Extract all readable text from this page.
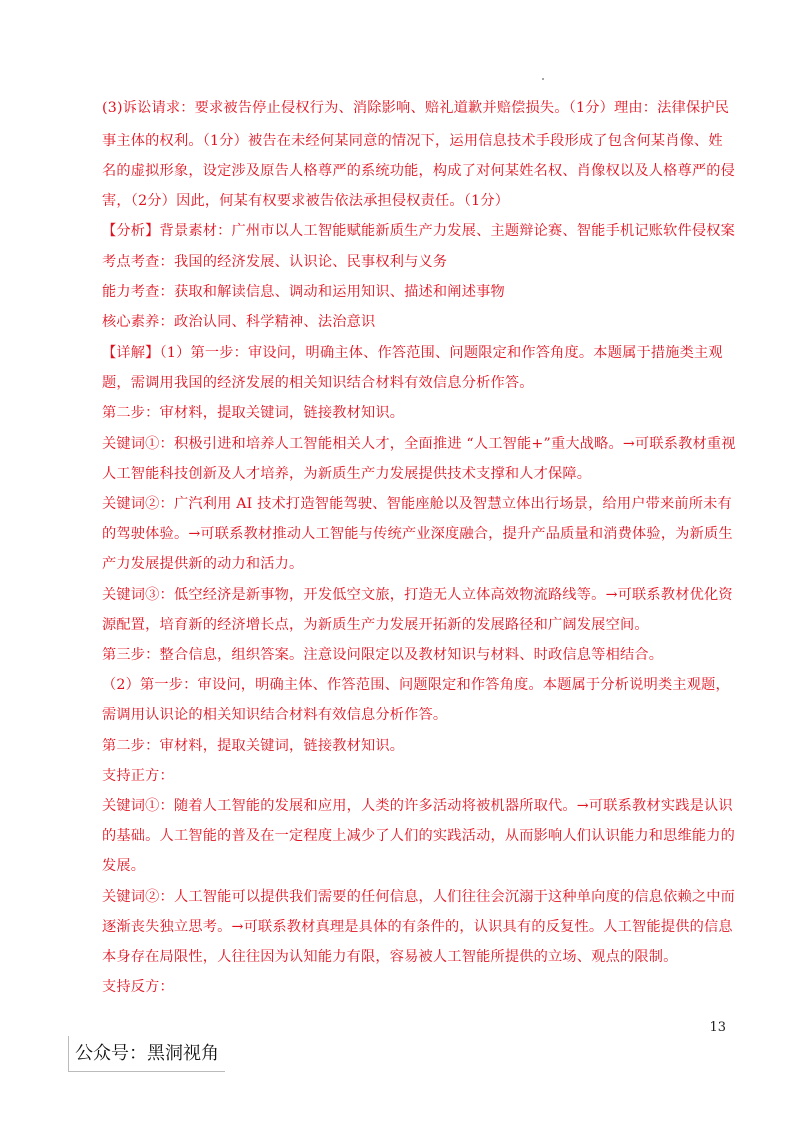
(3)诉讼请求：要求被告停止侵权行为、消除影响、赔礼道歉并赔偿损失。（1分）理由：法律保护民
事主体的权利。（1分）被告在未经何某同意的情况下，运用信息技术手段形成了包含何某肖像、姓
名的虚拟形象，设定涉及原告人格尊严的系统功能，构成了对何某姓名权、肖像权以及人格尊严的侵
害，（2分）因此，何某有权要求被告依法承担侵权责任。（1分）
【分析】背景素材：广州市以人工智能赋能新质生产力发展、主题辩论赛、智能手机记账软件侵权案
考点考查：我国的经济发展、认识论、民事权利与义务
能力考查：获取和解读信息、调动和运用知识、描述和阐述事物
核心素养：政治认同、科学精神、法治意识
【详解】（1）第一步：审设问，明确主体、作答范围、问题限定和作答角度。本题属于措施类主观
题，需调用我国的经济发展的相关知识结合材料有效信息分析作答。
第二步：审材料，提取关键词，链接教材知识。
关键词①：积极引进和培养人工智能相关人才，全面推进 “人工智能+”重大战略。→可联系教材重视
人工智能科技创新及人才培养，为新质生产力发展提供技术支撑和人才保障。
关键词②：广汽利用 AI 技术打造智能驾驶、智能座舱以及智慧立体出行场景，给用户带来前所未有
的驾驶体验。→可联系教材推动人工智能与传统产业深度融合，提升产品质量和消费体验，为新质生
产力发展提供新的动力和活力。
关键词③：低空经济是新事物，开发低空文旅，打造无人立体高效物流路线等。→可联系教材优化资
源配置，培育新的经济增长点，为新质生产力发展开拓新的发展路径和广阔发展空间。
第三步：整合信息，组织答案。注意设问限定以及教材知识与材料、时政信息等相结合。
（2）第一步：审设问，明确主体、作答范围、问题限定和作答角度。本题属于分析说明类主观题，
需调用认识论的相关知识结合材料有效信息分析作答。
第二步：审材料，提取关键词，链接教材知识。
支持正方：
关键词①：随着人工智能的发展和应用，人类的许多活动将被机器所取代。→可联系教材实践是认识
的基础。人工智能的普及在一定程度上减少了人们的实践活动，从而影响人们认识能力和思维能力的
发展。
关键词②：人工智能可以提供我们需要的任何信息，人们往往会沉溺于这种单向度的信息依赖之中而
逐渐丧失独立思考。→可联系教材真理是具体的有条件的，认识具有的反复性。人工智能提供的信息
本身存在局限性，人往往因为认知能力有限，容易被人工智能所提供的立场、观点的限制。
支持反方：
13
公众号：黑洞视角
